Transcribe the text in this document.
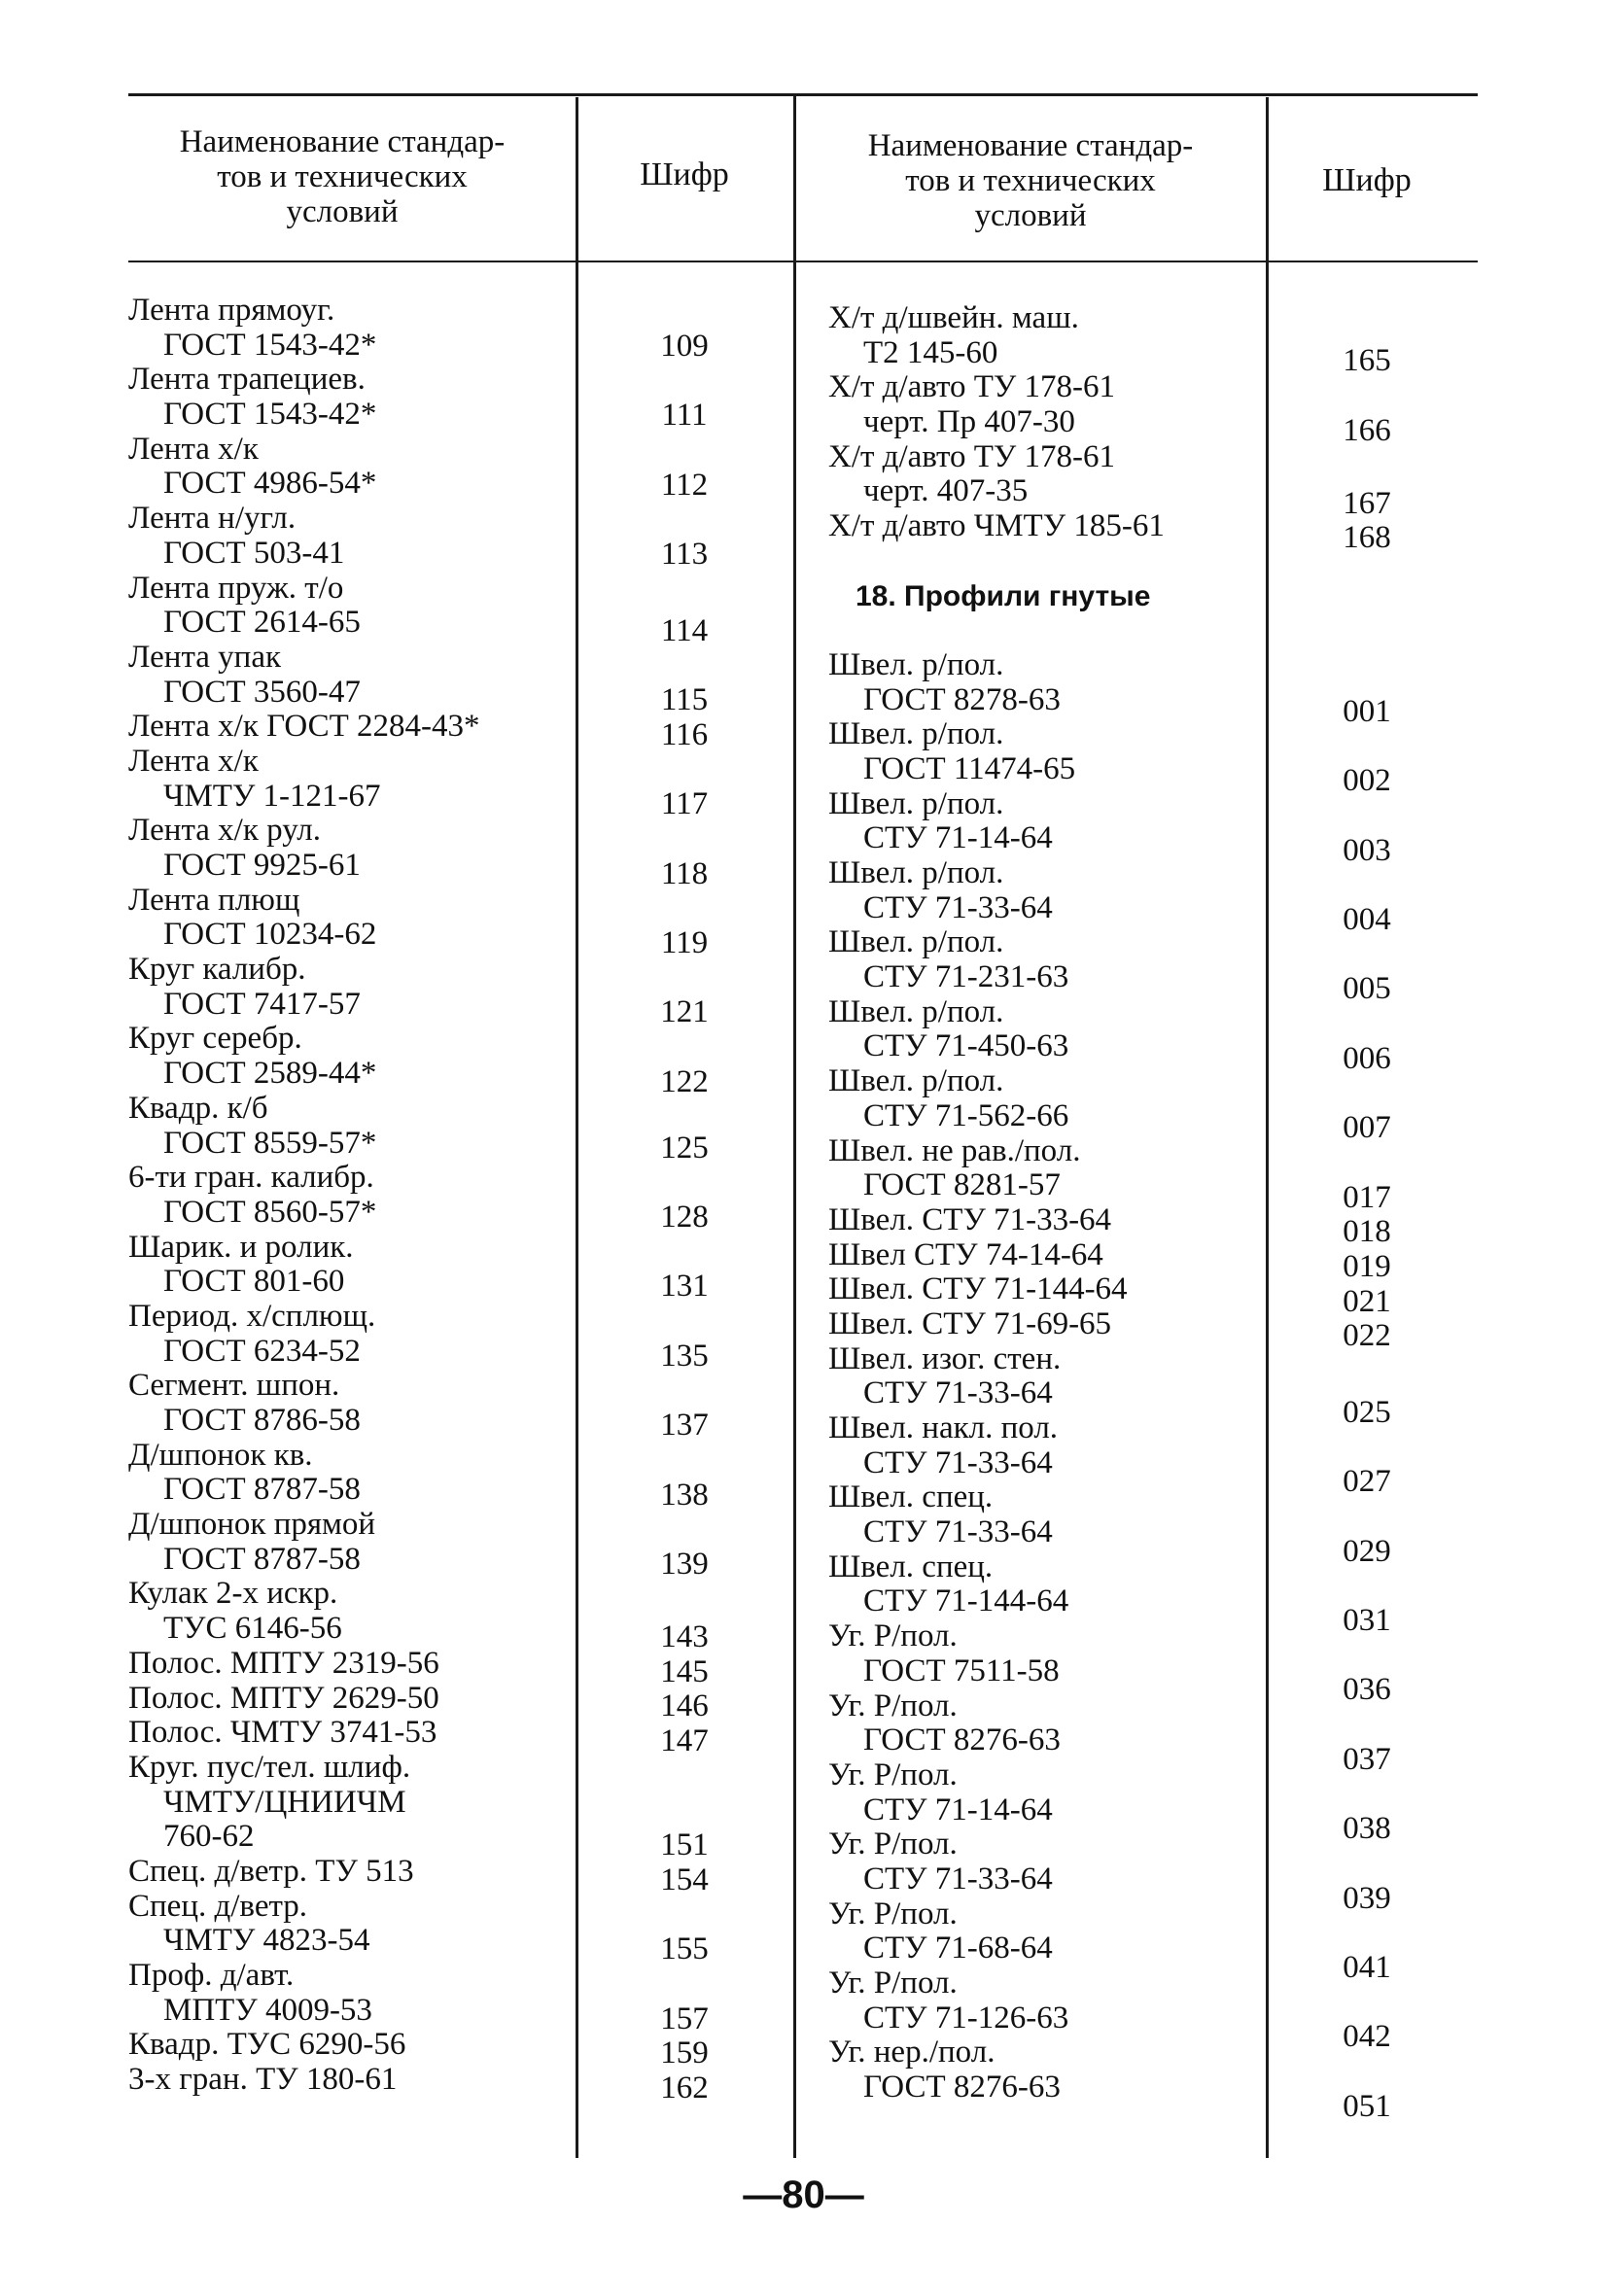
Наименование стандар-
тов и технических
условий
Шифр
Наименование стандар-
тов и технических
условий
Шифр
Лента прямоуг.
ГОСТ 1543-42*
Лента трапециев.
ГОСТ 1543-42*
Лента х/к
ГОСТ 4986-54*
Лента н/угл.
ГОСТ 503-41
Лента пруж. т/о
ГОСТ 2614-65
Лента упак
ГОСТ 3560-47
Лента х/к ГОСТ 2284-43*
Лента х/к
ЧМТУ 1-121-67
Лента х/к рул.
ГОСТ 9925-61
Лента плющ
ГОСТ 10234-62
Круг калибр.
ГОСТ 7417-57
Круг серебр.
ГОСТ 2589-44*
Квадр. к/б
ГОСТ 8559-57*
6-ти гран. калибр.
ГОСТ 8560-57*
Шарик. и ролик.
ГОСТ 801-60
Период. х/сплющ.
ГОСТ 6234-52
Сегмент. шпон.
ГОСТ 8786-58
Д/шпонок кв.
ГОСТ 8787-58
Д/шпонок прямой
ГОСТ 8787-58
Кулак 2-х искр.
ТУС 6146-56
Полос. МПТУ 2319-56
Полос. МПТУ 2629-50
Полос. ЧМТУ 3741-53
Круг. пус/тел. шлиф.
ЧМТУ/ЦНИИЧМ
760-62
Спец. д/ветр. ТУ 513
Спец. д/ветр.
ЧМТУ 4823-54
Проф. д/авт.
МПТУ 4009-53
Квадр. ТУС 6290-56
3-х гран. ТУ 180-61
109
111
112
113
114
115
116
117
118
119
121
122
125
128
131
135
137
138
139
143
145
146
147
151
154
155
157
159
162
Х/т д/швейн. маш.
Т2 145-60
Х/т д/авто ТУ 178-61
черт. Пр 407-30
Х/т д/авто ТУ 178-61
черт. 407-35
Х/т д/авто ЧМТУ 185-61
18. Профили гнутые
Швел. р/пол.
ГОСТ 8278-63
Швел. р/пол.
ГОСТ 11474-65
Швел. р/пол.
СТУ 71-14-64
Швел. р/пол.
СТУ 71-33-64
Швел. р/пол.
СТУ 71-231-63
Швел. р/пол.
СТУ 71-450-63
Швел. р/пол.
СТУ 71-562-66
Швел. не рав./пол.
ГОСТ 8281-57
Швел. СТУ 71-33-64
Швел СТУ 74-14-64
Швел. СТУ 71-144-64
Швел. СТУ 71-69-65
Швел. изог. стен.
СТУ 71-33-64
Швел. накл. пол.
СТУ 71-33-64
Швел. спец.
СТУ 71-33-64
Швел. спец.
СТУ 71-144-64
Уг. Р/пол.
ГОСТ 7511-58
Уг. Р/пол.
ГОСТ 8276-63
Уг. Р/пол.
СТУ 71-14-64
Уг. Р/пол.
СТУ 71-33-64
Уг. Р/пол.
СТУ 71-68-64
Уг. Р/пол.
СТУ 71-126-63
Уг. нер./пол.
ГОСТ 8276-63
165
166
167
168
001
002
003
004
005
006
007
017
018
019
021
022
025
027
029
031
036
037
038
039
041
042
051
—80—
